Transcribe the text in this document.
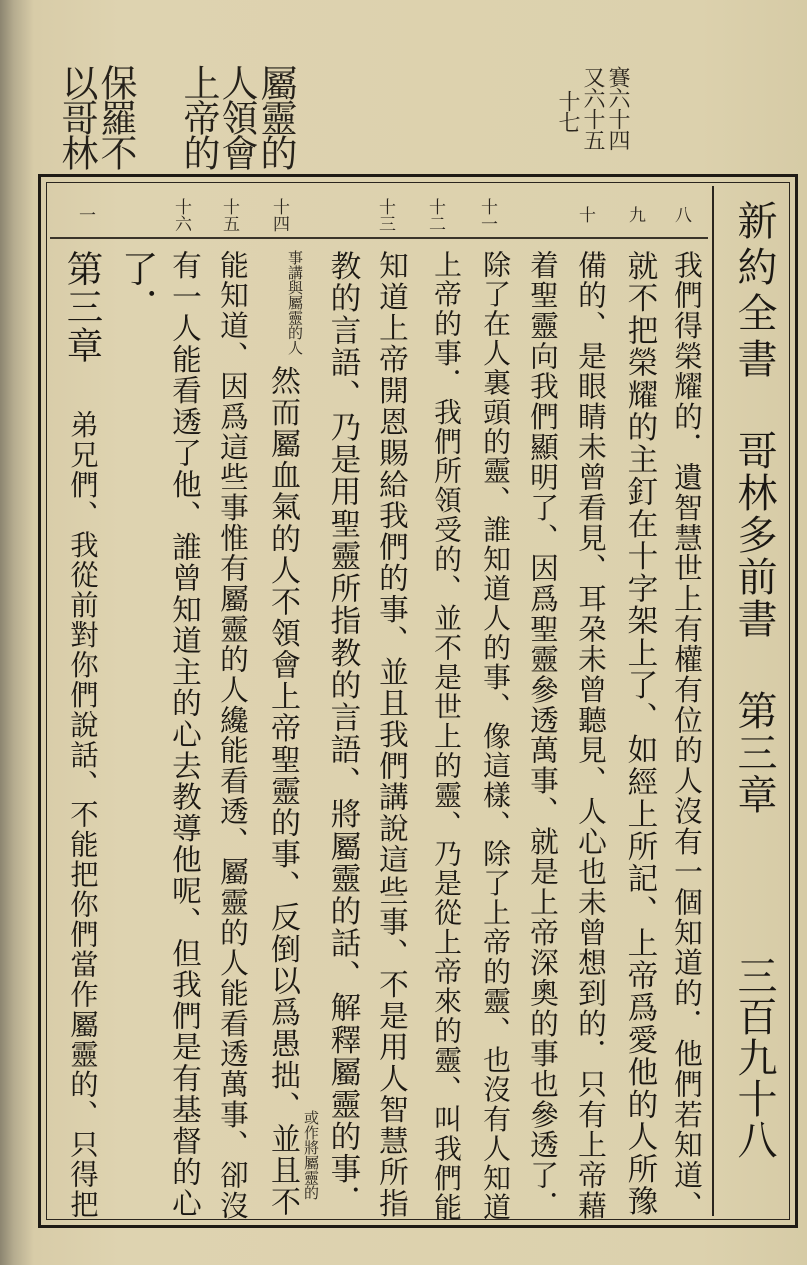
屬靈的
人領會
上帝的
保羅不
以哥林	賽六十四
又六十五
十七
新約全書
哥林多前書
第三章
三百九十八
八
九
十
十一
十二
十三
十四
十五
十六
一
我們得榮耀的．遺智慧世上有權有位的人沒有一個知道的．他們若知道、
就不把榮耀的主釘在十字架上了、如經上所記、上帝爲愛他的人所豫
備的、是眼睛未曾看見、耳朶未曾聽見、人心也未曾想到的．只有上帝藉
着聖靈向我們顯明了、因爲聖靈參透萬事、就是上帝深奧的事也參透了．
除了在人裏頭的靈、誰知道人的事、像這樣、除了上帝的靈、也沒有人知道
上帝的事．我們所領受的、並不是世上的靈、乃是從上帝來的靈、叫我們能
知道上帝開恩賜給我們的事、並且我們講說這些事、不是用人智慧所指
教的言語、乃是用聖靈所指教的言語、將屬靈的話、解釋屬靈的事．
或作將屬靈的
事講與屬靈的人
然而屬血氣的人不領會上帝聖靈的事、反倒以爲愚拙、並且不
能知道、因爲這些事惟有屬靈的人纔能看透、屬靈的人能看透萬事、卻沒
有一人能看透了他、誰曾知道主的心去教導他呢、但我們是有基督的心
了．
第三章
弟兄們、我從前對你們說話、不能把你們當作屬靈的、只得把
